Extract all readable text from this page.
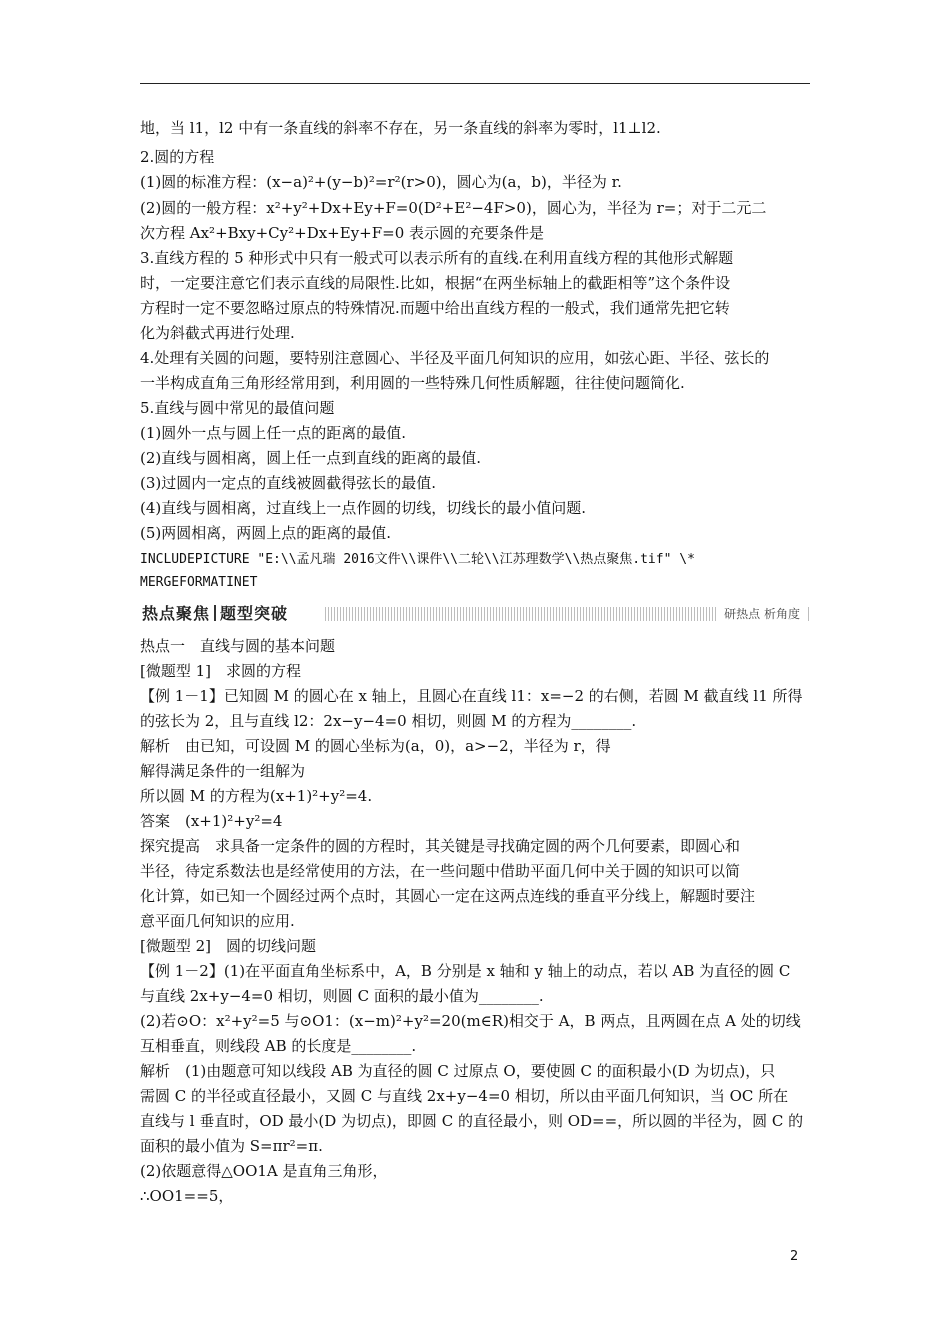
地，当 l1，l2 中有一条直线的斜率不存在，另一条直线的斜率为零时，l1⊥l2.
2.圆的方程
(1)圆的标准方程：(x−a)²+(y−b)²=r²(r>0)，圆心为(a，b)，半径为 r.
(2)圆的一般方程：x²+y²+Dx+Ey+F=0(D²+E²−4F>0)，圆心为，半径为 r=；对于二元二
次方程 Ax²+Bxy+Cy²+Dx+Ey+F=0 表示圆的充要条件是
3.直线方程的 5 种形式中只有一般式可以表示所有的直线.在利用直线方程的其他形式解题
时，一定要注意它们表示直线的局限性.比如，根据“在两坐标轴上的截距相等”这个条件设
方程时一定不要忽略过原点的特殊情况.而题中给出直线方程的一般式，我们通常先把它转
化为斜截式再进行处理.
4.处理有关圆的问题，要特别注意圆心、半径及平面几何知识的应用，如弦心距、半径、弦长的
一半构成直角三角形经常用到，利用圆的一些特殊几何性质解题，往往使问题简化.
5.直线与圆中常见的最值问题
(1)圆外一点与圆上任一点的距离的最值.
(2)直线与圆相离，圆上任一点到直线的距离的最值.
(3)过圆内一定点的直线被圆截得弦长的最值.
(4)直线与圆相离，过直线上一点作圆的切线，切线长的最小值问题.
(5)两圆相离，两圆上点的距离的最值.
INCLUDEPICTURE "E:\\孟凡瑞 2016文件\\课件\\二轮\\江苏理数学\\热点聚焦.tif" \*
MERGEFORMATINET
热点聚焦 题型突破	研热点 析角度
热点一　直线与圆的基本问题
[微题型 1]　求圆的方程
【例 1－1】已知圆 M 的圆心在 x 轴上，且圆心在直线 l1：x=−2 的右侧，若圆 M 截直线 l1 所得
的弦长为 2，且与直线 l2：2x−y−4=0 相切，则圆 M 的方程为________.
解析　由已知，可设圆 M 的圆心坐标为(a，0)，a>−2，半径为 r，得
解得满足条件的一组解为
所以圆 M 的方程为(x+1)²+y²=4.
答案　(x+1)²+y²=4
探究提高　求具备一定条件的圆的方程时，其关键是寻找确定圆的两个几何要素，即圆心和
半径，待定系数法也是经常使用的方法，在一些问题中借助平面几何中关于圆的知识可以简
化计算，如已知一个圆经过两个点时，其圆心一定在这两点连线的垂直平分线上，解题时要注
意平面几何知识的应用.
[微题型 2]　圆的切线问题
【例 1－2】(1)在平面直角坐标系中，A，B 分别是 x 轴和 y 轴上的动点，若以 AB 为直径的圆 C
与直线 2x+y−4=0 相切，则圆 C 面积的最小值为________.
(2)若⊙O：x²+y²=5 与⊙O1：(x−m)²+y²=20(m∈R)相交于 A，B 两点，且两圆在点 A 处的切线
互相垂直，则线段 AB 的长度是________.
解析　(1)由题意可知以线段 AB 为直径的圆 C 过原点 O，要使圆 C 的面积最小(D 为切点)，只
需圆 C 的半径或直径最小，又圆 C 与直线 2x+y−4=0 相切，所以由平面几何知识，当 OC 所在
直线与 l 垂直时，OD 最小(D 为切点)，即圆 C 的直径最小，则 OD==，所以圆的半径为，圆 C 的
面积的最小值为 S=πr²=π.
(2)依题意得△OO1A 是直角三角形，
∴OO1==5，
2
